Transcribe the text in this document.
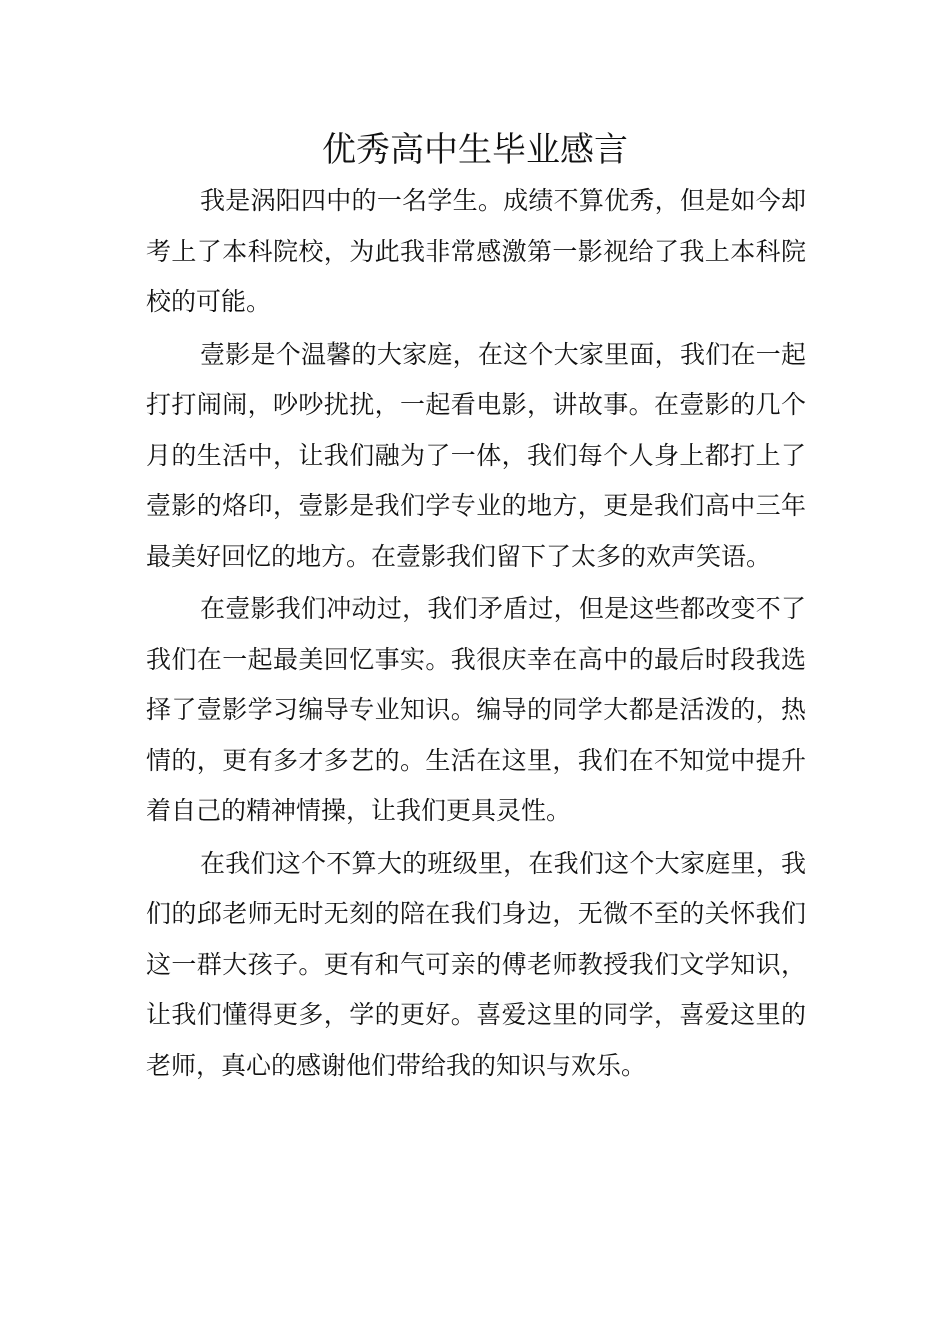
优秀高中生毕业感言

我是涡阳四中的一名学生。成绩不算优秀，但是如今却考上了本科院校，为此我非常感激第一影视给了我上本科院校的可能。

壹影是个温馨的大家庭，在这个大家里面，我们在一起打打闹闹，吵吵扰扰，一起看电影，讲故事。在壹影的几个月的生活中，让我们融为了一体，我们每个人身上都打上了壹影的烙印，壹影是我们学专业的地方，更是我们高中三年最美好回忆的地方。在壹影我们留下了太多的欢声笑语。

在壹影我们冲动过，我们矛盾过，但是这些都改变不了我们在一起最美回忆事实。我很庆幸在高中的最后时段我选择了壹影学习编导专业知识。编导的同学大都是活泼的，热情的，更有多才多艺的。生活在这里，我们在不知觉中提升着自己的精神情操，让我们更具灵性。

在我们这个不算大的班级里，在我们这个大家庭里，我们的邱老师无时无刻的陪在我们身边，无微不至的关怀我们这一群大孩子。更有和气可亲的傅老师教授我们文学知识，让我们懂得更多，学的更好。喜爱这里的同学，喜爱这里的老师，真心的感谢他们带给我的知识与欢乐。
